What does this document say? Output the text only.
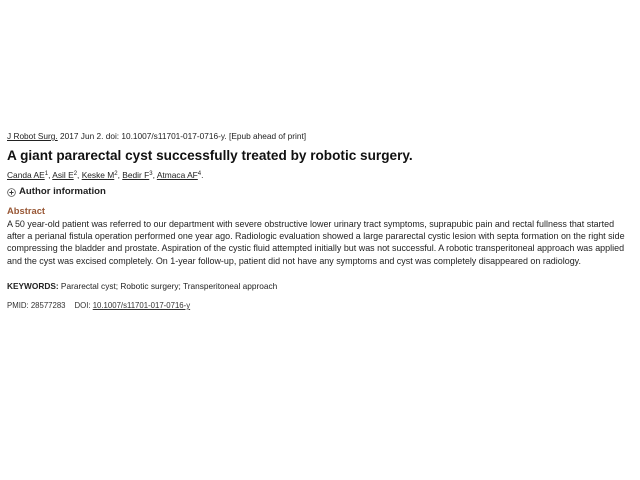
J Robot Surg. 2017 Jun 2. doi: 10.1007/s11701-017-0716-y. [Epub ahead of print]
A giant pararectal cyst successfully treated by robotic surgery.
Canda $AE^1$, Asil $E^2$, Keske $M^2$, Bedir $F^3$, Atmaca $AF^4$.
Author information
Abstract
A 50 year-old patient was referred to our department with severe obstructive lower urinary tract symptoms, suprapubic pain and rectal fullness that started after a perianal fistula operation performed one year ago. Radiologic evaluation showed a large pararectal cystic lesion with septa formation on the right side compressing the bladder and prostate. Aspiration of the cystic fluid attempted initially but was not successful. A robotic transperitoneal approach was applied and the cyst was excised completely. On 1-year follow-up, patient did not have any symptoms and cyst was completely disappeared on radiology.
KEYWORDS: Pararectal cyst; Robotic surgery; Transperitoneal approach
PMID: 28577283 DOI: 10.1007/s11701-017-0716-y
